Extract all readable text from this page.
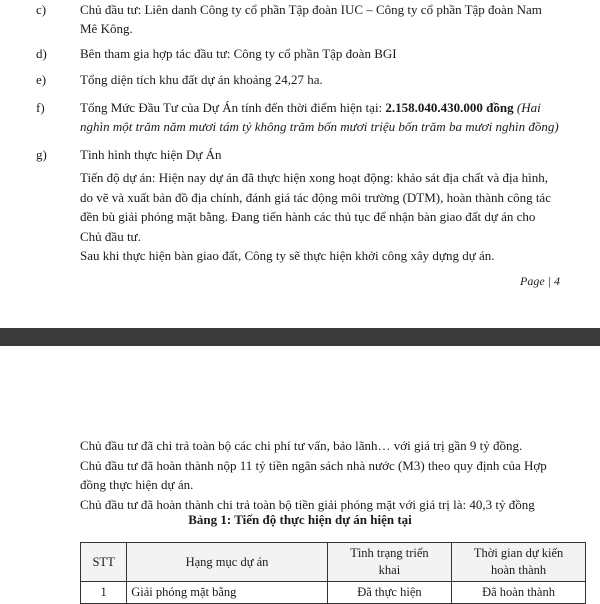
c)	Chủ đầu tư: Liên danh Công ty cổ phần Tập đoàn IUC – Công ty cổ phần Tập đoàn Nam
Mê Kông.
d)	Bên tham gia hợp tác đầu tư: Công ty cổ phần Tập đoàn BGI
e)	Tổng diện tích khu đất dự án khoảng 24,27 ha.
f)	Tổng Mức Đầu Tư của Dự Án tính đến thời điểm hiện tại: 2.158.040.430.000 đồng (Hai
nghìn một trăm năm mươi tám tỷ không trăm bốn mươi triệu bốn trăm ba mươi nghìn đồng)
g)	Tình hình thực hiện Dự Án
Tiến độ dự án: Hiện nay dự án đã thực hiện xong hoạt động: khảo sát địa chất và địa hình,
do vẽ và xuất bản đồ địa chính, đánh giá tác động môi trường (DTM), hoàn thành công tác
đền bù giải phóng mặt bằng. Đang tiến hành các thủ tục để nhận bàn giao đất dự án cho
Chủ đầu tư.
Sau khi thực hiện bàn giao đất, Công ty sẽ thực hiện khởi công xây dựng dự án.
Page | 4
Chủ đầu tư đã chi trả toàn bộ các chi phí tư vấn, bảo lãnh… với giá trị gần 9 tỷ đồng.
Chủ đầu tư đã hoàn thành nộp 11 tỷ tiền ngân sách nhà nước (M3) theo quy định của Hợp
đồng thực hiện dự án.
Chủ đầu tư đã hoàn thành chi trả toàn bộ tiền giải phóng mặt với giá trị là: 40,3 tỷ đồng
Bảng 1: Tiến độ thực hiện dự án hiện tại
STT	Hạng mục dự án	Tình trạng triển
khai	Thời gian dự kiến
hoàn thành
1	Giải phóng mặt bằng	Đã thực hiện	Đã hoàn thành
